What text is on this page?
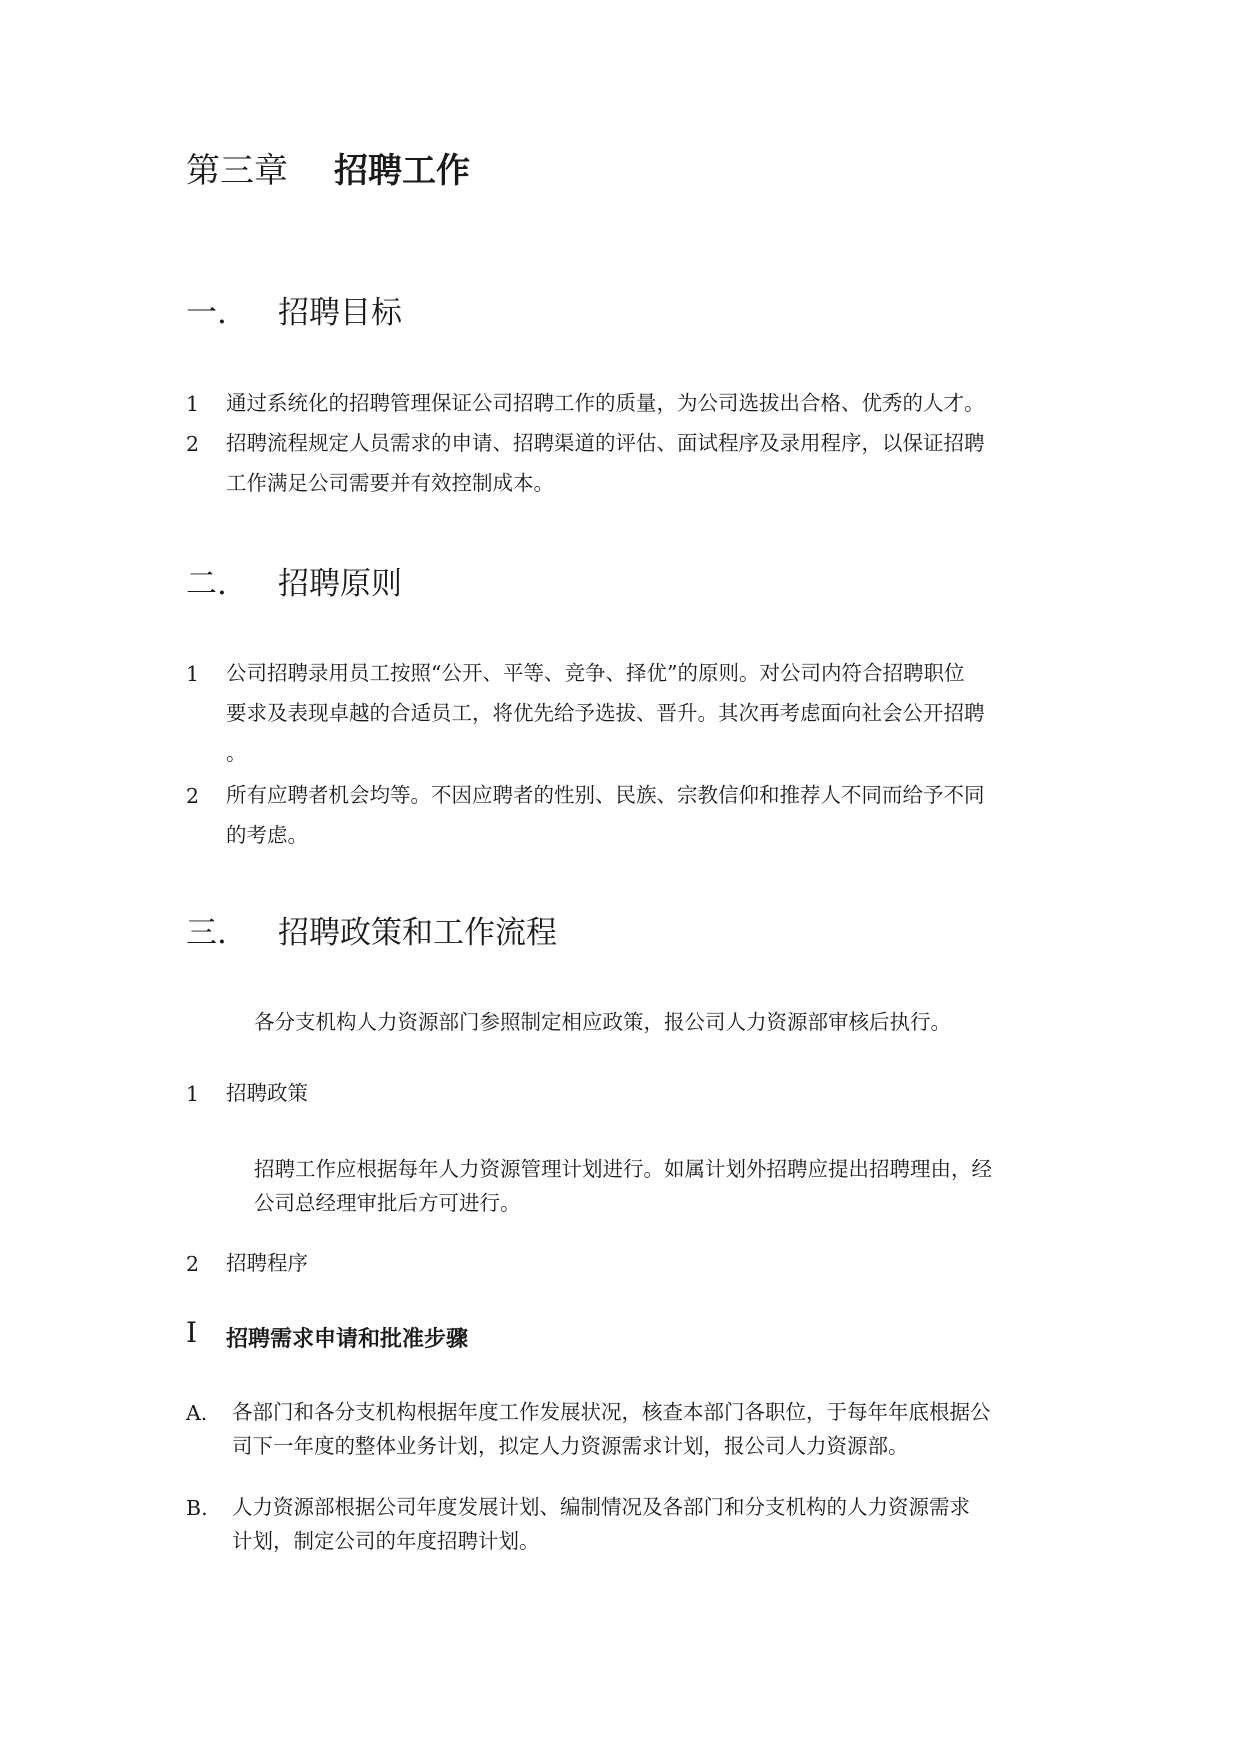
第三章 招聘工作
一. 招聘目标
1 通过系统化的招聘管理保证公司招聘工作的质量，为公司选拔出合格、优秀的人才。
2 招聘流程规定人员需求的申请、招聘渠道的评估、面试程序及录用程序，以保证招聘
工作满足公司需要并有效控制成本。
二. 招聘原则
1 公司招聘录用员工按照“公开、平等、竞争、择优”的原则。对公司内符合招聘职位
要求及表现卓越的合适员工，将优先给予选拔、晋升。其次再考虑面向社会公开招聘
。
2 所有应聘者机会均等。不因应聘者的性别、民族、宗教信仰和推荐人不同而给予不同
的考虑。
三. 招聘政策和工作流程
各分支机构人力资源部门参照制定相应政策，报公司人力资源部审核后执行。
1 招聘政策
招聘工作应根据每年人力资源管理计划进行。如属计划外招聘应提出招聘理由，经
公司总经理审批后方可进行。
2 招聘程序
I 招聘需求申请和批准步骤
A. 各部门和各分支机构根据年度工作发展状况，核查本部门各职位，于每年年底根据公
司下一年度的整体业务计划，拟定人力资源需求计划，报公司人力资源部。
B. 人力资源部根据公司年度发展计划、编制情况及各部门和分支机构的人力资源需求
计划，制定公司的年度招聘计划。
